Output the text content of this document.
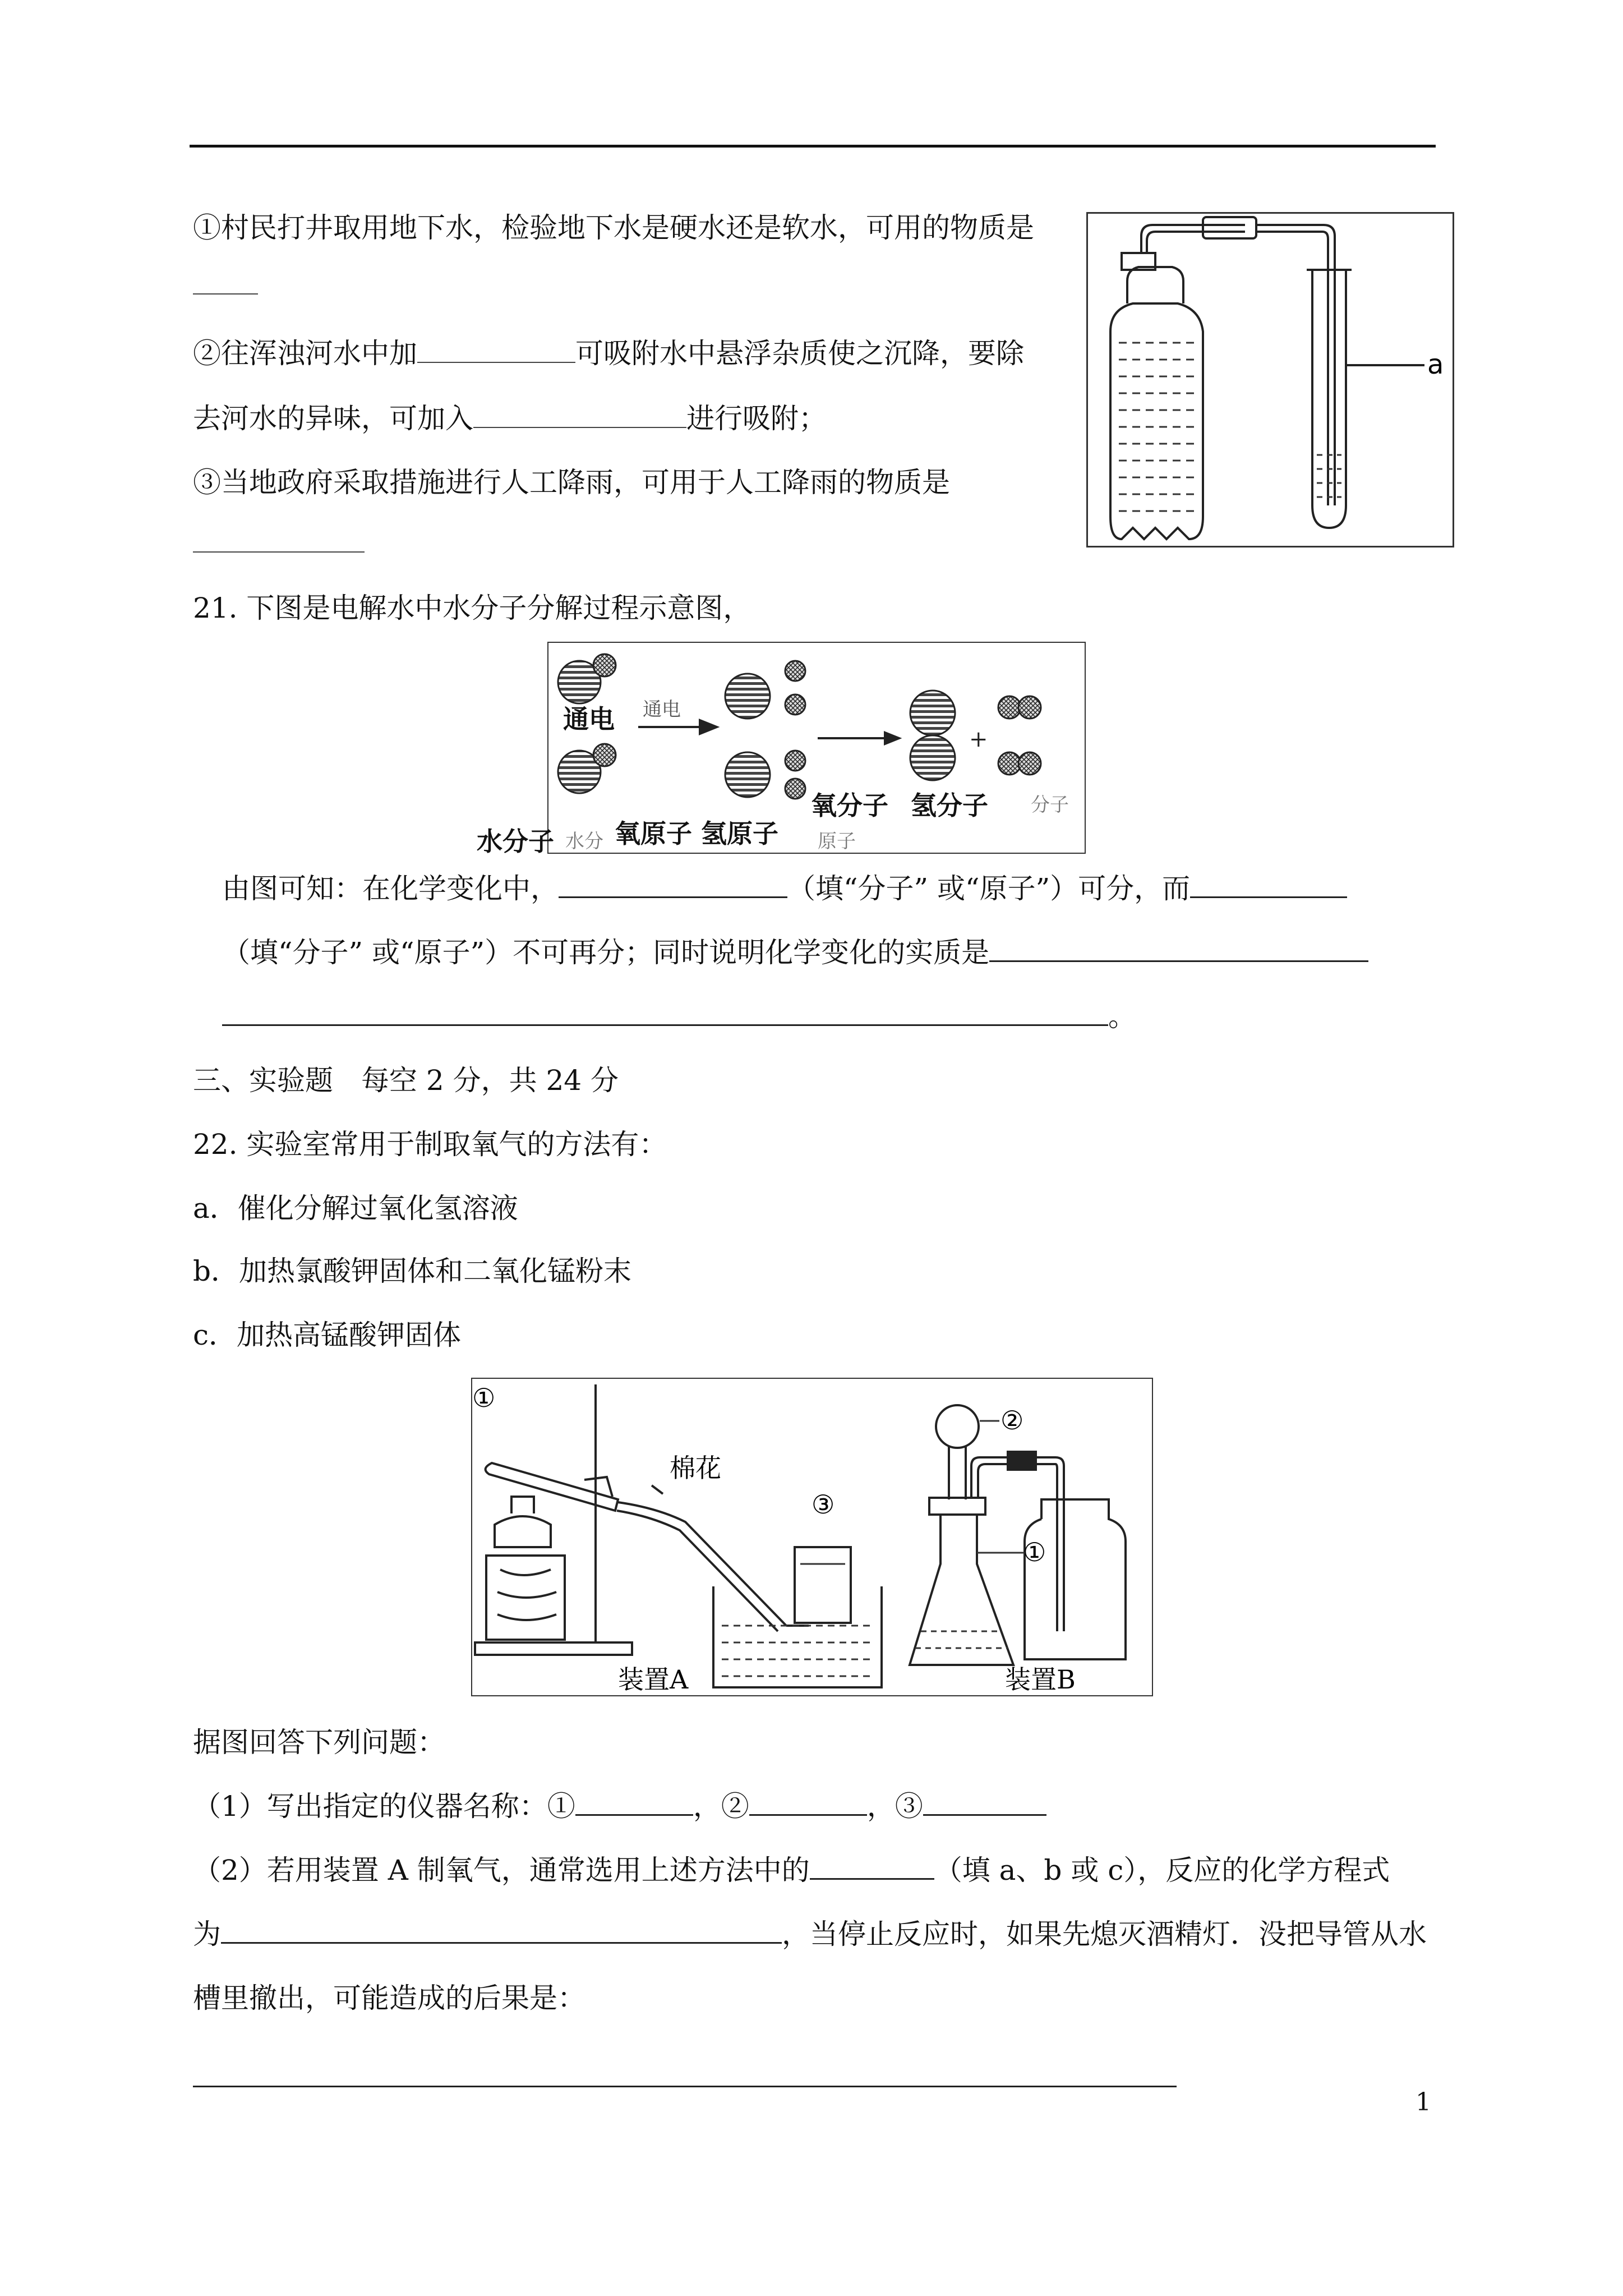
①村民打井取用地下水，检验地下水是硬水还是软水，可用的物质是
②往浑浊河水中加	可吸附水中悬浮杂质使之沉降，要除
去河水的异味，可加入	进行吸附；
③当地政府采取措施进行人工降雨，可用于人工降雨的物质是
a
21. 下图是电解水中水分子分解过程示意图，
通电
+
水分	原子
分子
通电
水分子 氧原子 氢原子
氧分子 氢分子
由图可知：在化学变化中，	（填“分子” 或“原子”）可分，而
（填“分子” 或“原子”）不可再分；同时说明化学变化的实质是
。
三、实验题　每空 2 分，共 24 分
22. 实验室常用于制取氧气的方法有：
a．催化分解过氧化氢溶液
b．加热氯酸钾固体和二氧化锰粉末
c．加热高锰酸钾固体
①
棉花
③
②
①
装置A	装置B
据图回答下列问题：
（1）写出指定的仪器名称：①	，②	，③
（2）若用装置 A 制氧气，通常选用上述方法中的	（填 a、b 或 c），反应的化学方程式
为	，当停止反应时，如果先熄灭酒精灯．没把导管从水
槽里撤出，可能造成的后果是：
1
